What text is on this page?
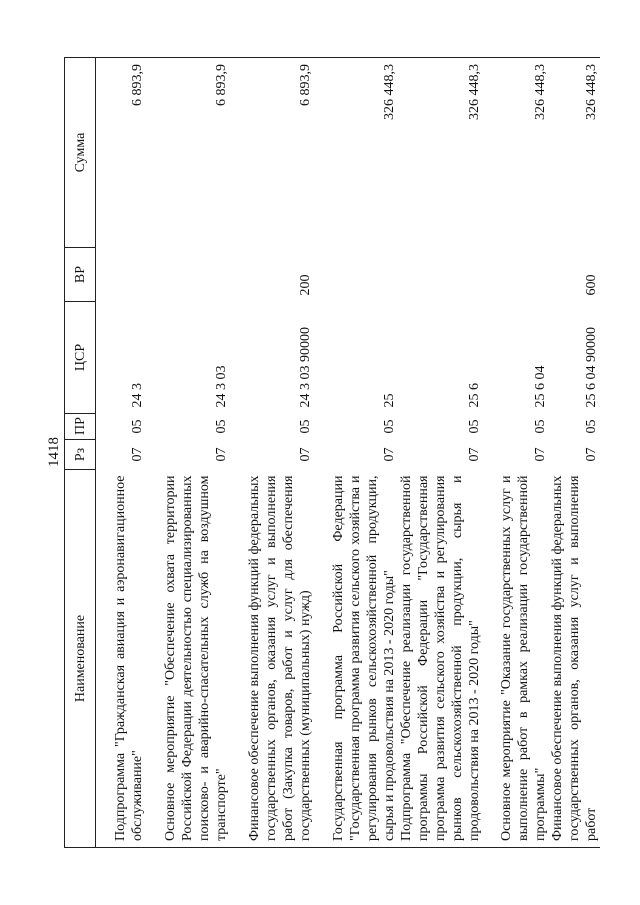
1418
Наименование	Рз	ПР	ЦСР	ВР	Сумма
Подпрограмма "Гражданская авиация и аэронавигационное обслуживание"	07	05	24 3		6 893,9
Основное мероприятие "Обеспечение охвата территории Российской Федерации деятельностью специализированных поисково- и аварийно-спасательных служб на воздушном транспорте"	07	05	24 3 03		6 893,9
Финансовое обеспечение выполнения функций федеральных государственных органов, оказания услуг и выполнения работ (Закупка товаров, работ и услуг для обеспечения государственных (муниципальных) нужд)	07	05	24 3 03 90000	200	6 893,9
Государственная программа Российской Федерации "Государственная программа развития сельского хозяйства и регулирования рынков сельскохозяйственной продукции, сырья и продовольствия на 2013 - 2020 годы"	07	05	25		326 448,3
Подпрограмма "Обеспечение реализации государственной программы Российской Федерации "Государственная программа развития сельского хозяйства и регулирования рынков сельскохозяйственной продукции, сырья и продовольствия на 2013 - 2020 годы"	07	05	25 6		326 448,3
Основное мероприятие "Оказание государственных услуг и выполнение работ в рамках реализации государственной программы"	07	05	25 6 04		326 448,3
Финансовое обеспечение выполнения функций федеральных государственных органов, оказания услуг и выполнения работ	07	05	25 6 04 90000	600	326 448,3
